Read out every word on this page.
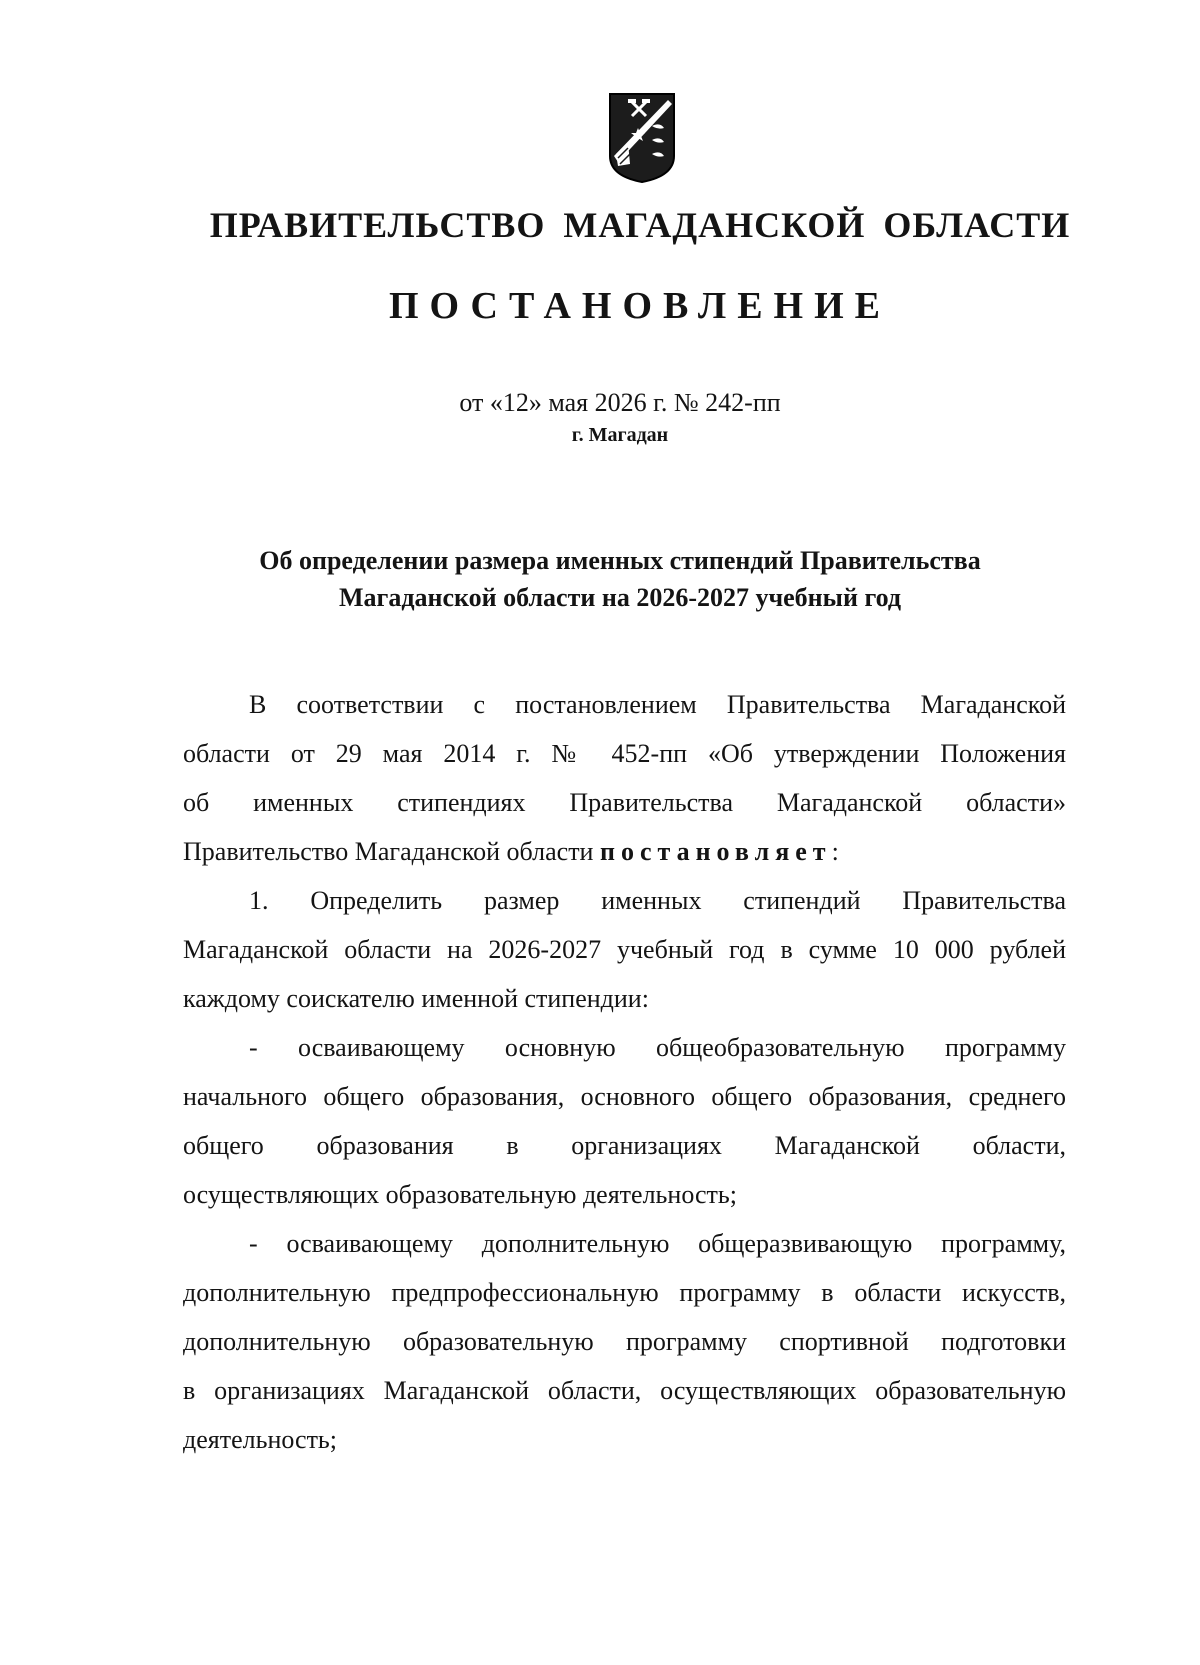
ПРАВИТЕЛЬСТВО МАГАДАНСКОЙ ОБЛАСТИ
ПОСТАНОВЛЕНИЕ
от «12» мая 2026 г. № 242-пп
г. Магадан
Об определении размера именных стипендий Правительства
Магаданской области на 2026-2027 учебный год
В соответствии с постановлением Правительства Магаданской
области от 29 мая 2014 г. № 452-пп «Об утверждении Положения
об именных стипендиях Правительства Магаданской области»
Правительство Магаданской области постановляет:
1. Определить размер именных стипендий Правительства
Магаданской области на 2026-2027 учебный год в сумме 10 000 рублей
каждому соискателю именной стипендии:
- осваивающему основную общеобразовательную программу
начального общего образования, основного общего образования, среднего
общего образования в организациях Магаданской области,
осуществляющих образовательную деятельность;
- осваивающему дополнительную общеразвивающую программу,
дополнительную предпрофессиональную программу в области искусств,
дополнительную образовательную программу спортивной подготовки
в организациях Магаданской области, осуществляющих образовательную
деятельность;
